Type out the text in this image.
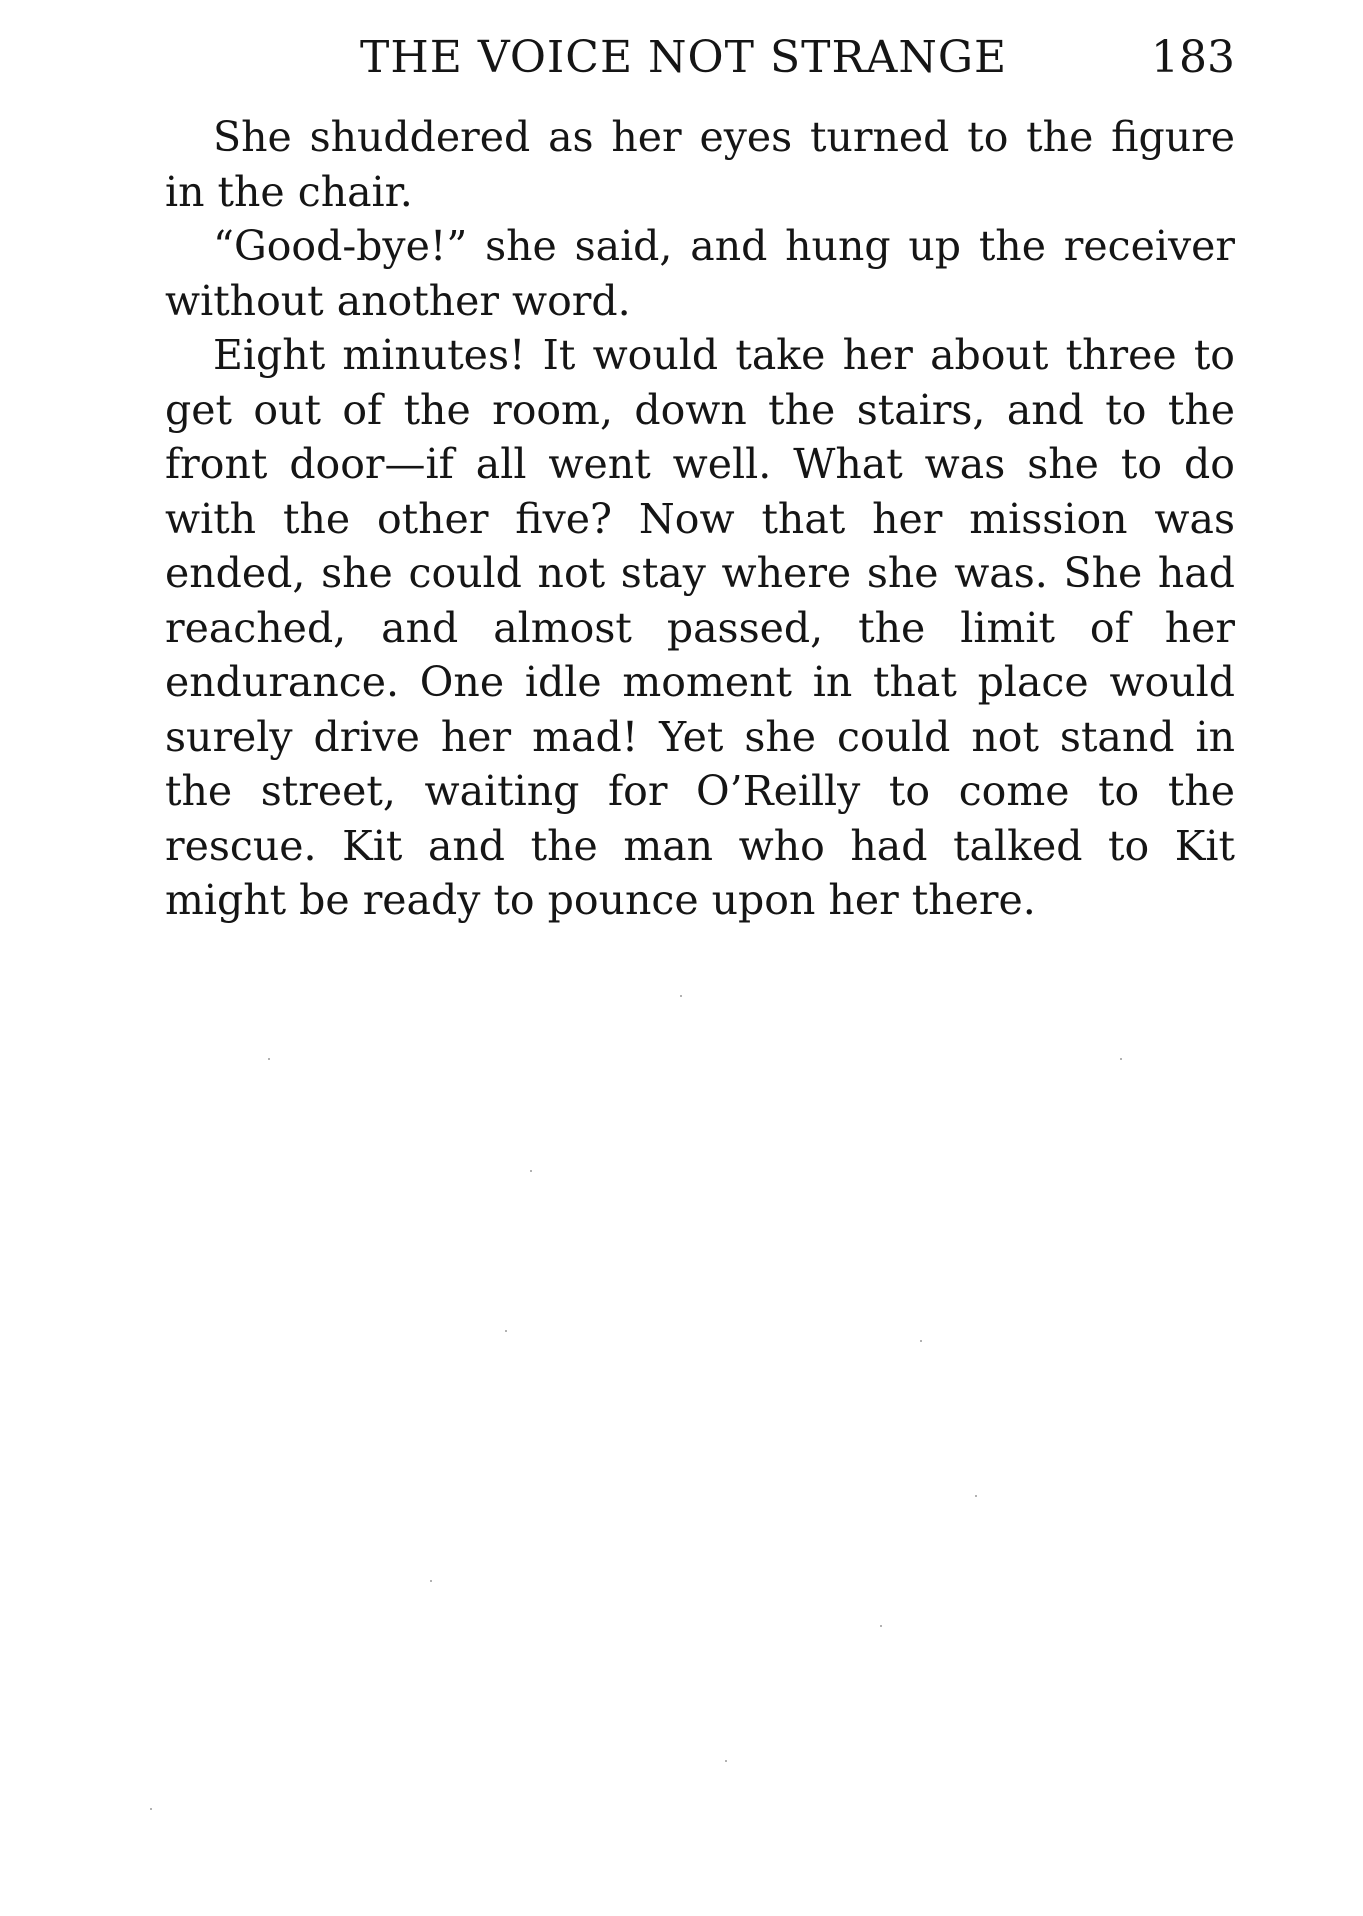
THE VOICE NOT STRANGE	183

She shuddered as her eyes turned to the figure in the chair.

“Good-bye!” she said, and hung up the receiver without another word.

Eight minutes! It would take her about three to get out of the room, down the stairs, and to the front door—if all went well. What was she to do with the other five? Now that her mission was ended, she could not stay where she was. She had reached, and almost passed, the limit of her endurance. One idle moment in that place would surely drive her mad! Yet she could not stand in the street, waiting for O’Reilly to come to the rescue. Kit and the man who had talked to Kit might be ready to pounce upon her there.
